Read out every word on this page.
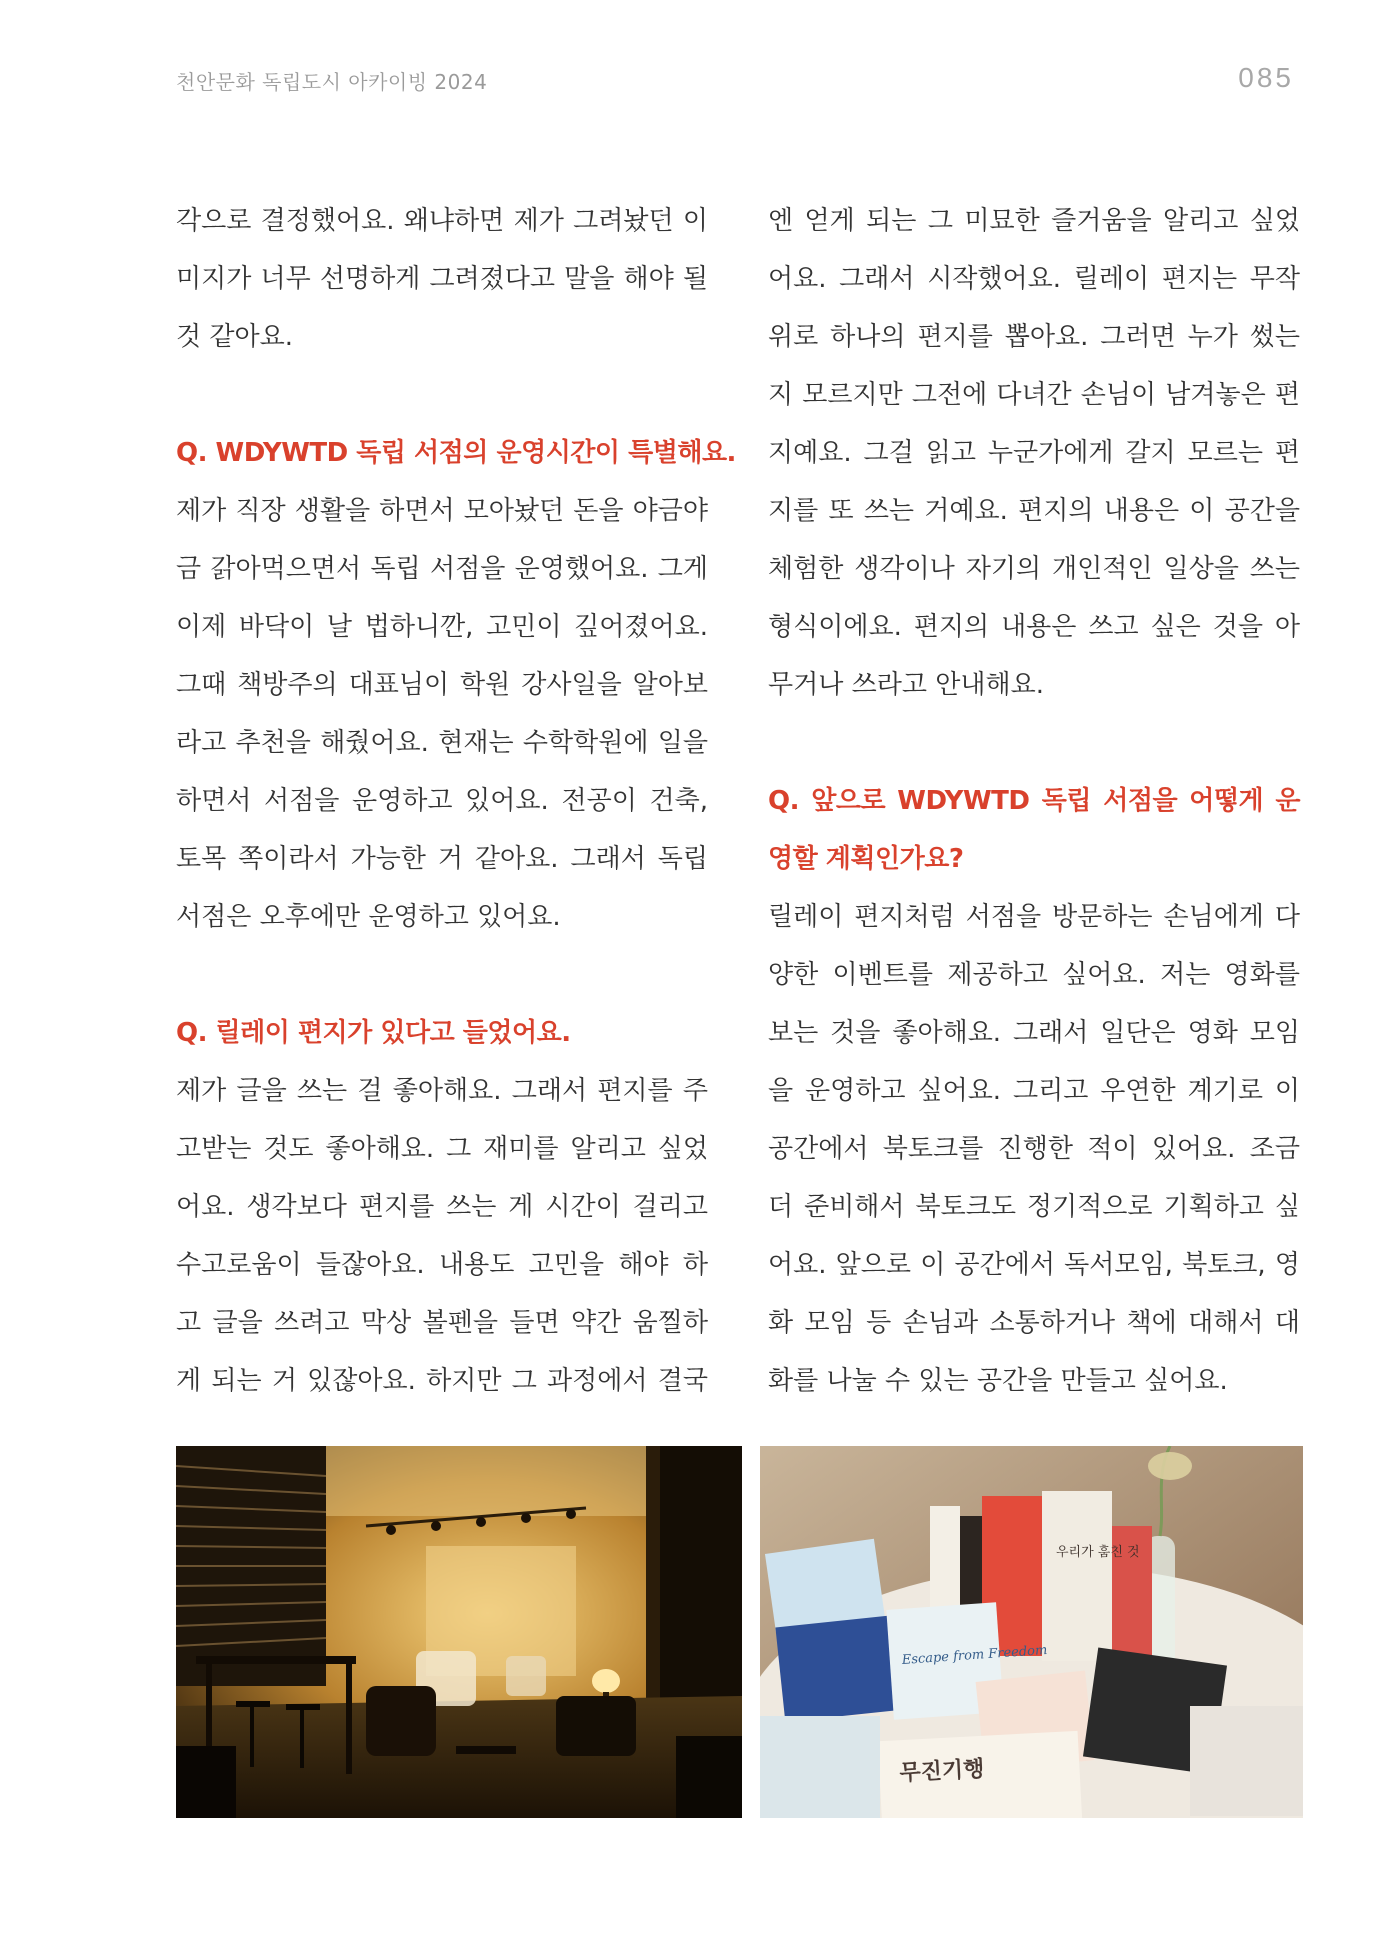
천안문화 독립도시 아카이빙 2024	085
각으로 결정했어요. 왜냐하면 제가 그려놨던 이
미지가 너무 선명하게 그려졌다고 말을 해야 될
것 같아요.
Q. WDYWTD 독립 서점의 운영시간이 특별해요.
제가 직장 생활을 하면서 모아놨던 돈을 야금야
금 갉아먹으면서 독립 서점을 운영했어요. 그게
이제 바닥이 날 법하니깐, 고민이 깊어졌어요.
그때 책방주의 대표님이 학원 강사일을 알아보
라고 추천을 해줬어요. 현재는 수학학원에 일을
하면서 서점을 운영하고 있어요. 전공이 건축,
토목 쪽이라서 가능한 거 같아요. 그래서 독립
서점은 오후에만 운영하고 있어요.
Q. 릴레이 편지가 있다고 들었어요.
제가 글을 쓰는 걸 좋아해요. 그래서 편지를 주
고받는 것도 좋아해요. 그 재미를 알리고 싶었
어요. 생각보다 편지를 쓰는 게 시간이 걸리고
수고로움이 들잖아요. 내용도 고민을 해야 하
고 글을 쓰려고 막상 볼펜을 들면 약간 움찔하
게 되는 거 있잖아요. 하지만 그 과정에서 결국
엔 얻게 되는 그 미묘한 즐거움을 알리고 싶었
어요. 그래서 시작했어요. 릴레이 편지는 무작
위로 하나의 편지를 뽑아요. 그러면 누가 썼는
지 모르지만 그전에 다녀간 손님이 남겨놓은 편
지예요. 그걸 읽고 누군가에게 갈지 모르는 편
지를 또 쓰는 거예요. 편지의 내용은 이 공간을
체험한 생각이나 자기의 개인적인 일상을 쓰는
형식이에요. 편지의 내용은 쓰고 싶은 것을 아
무거나 쓰라고 안내해요.
Q. 앞으로 WDYWTD 독립 서점을 어떻게 운
영할 계획인가요?
릴레이 편지처럼 서점을 방문하는 손님에게 다
양한 이벤트를 제공하고 싶어요. 저는 영화를
보는 것을 좋아해요. 그래서 일단은 영화 모임
을 운영하고 싶어요. 그리고 우연한 계기로 이
공간에서 북토크를 진행한 적이 있어요. 조금
더 준비해서 북토크도 정기적으로 기획하고 싶
어요. 앞으로 이 공간에서 독서모임, 북토크, 영
화 모임 등 손님과 소통하거나 책에 대해서 대
화를 나눌 수 있는 공간을 만들고 싶어요.
우리가 훔친 것
Escape from Freedom
무진기행
